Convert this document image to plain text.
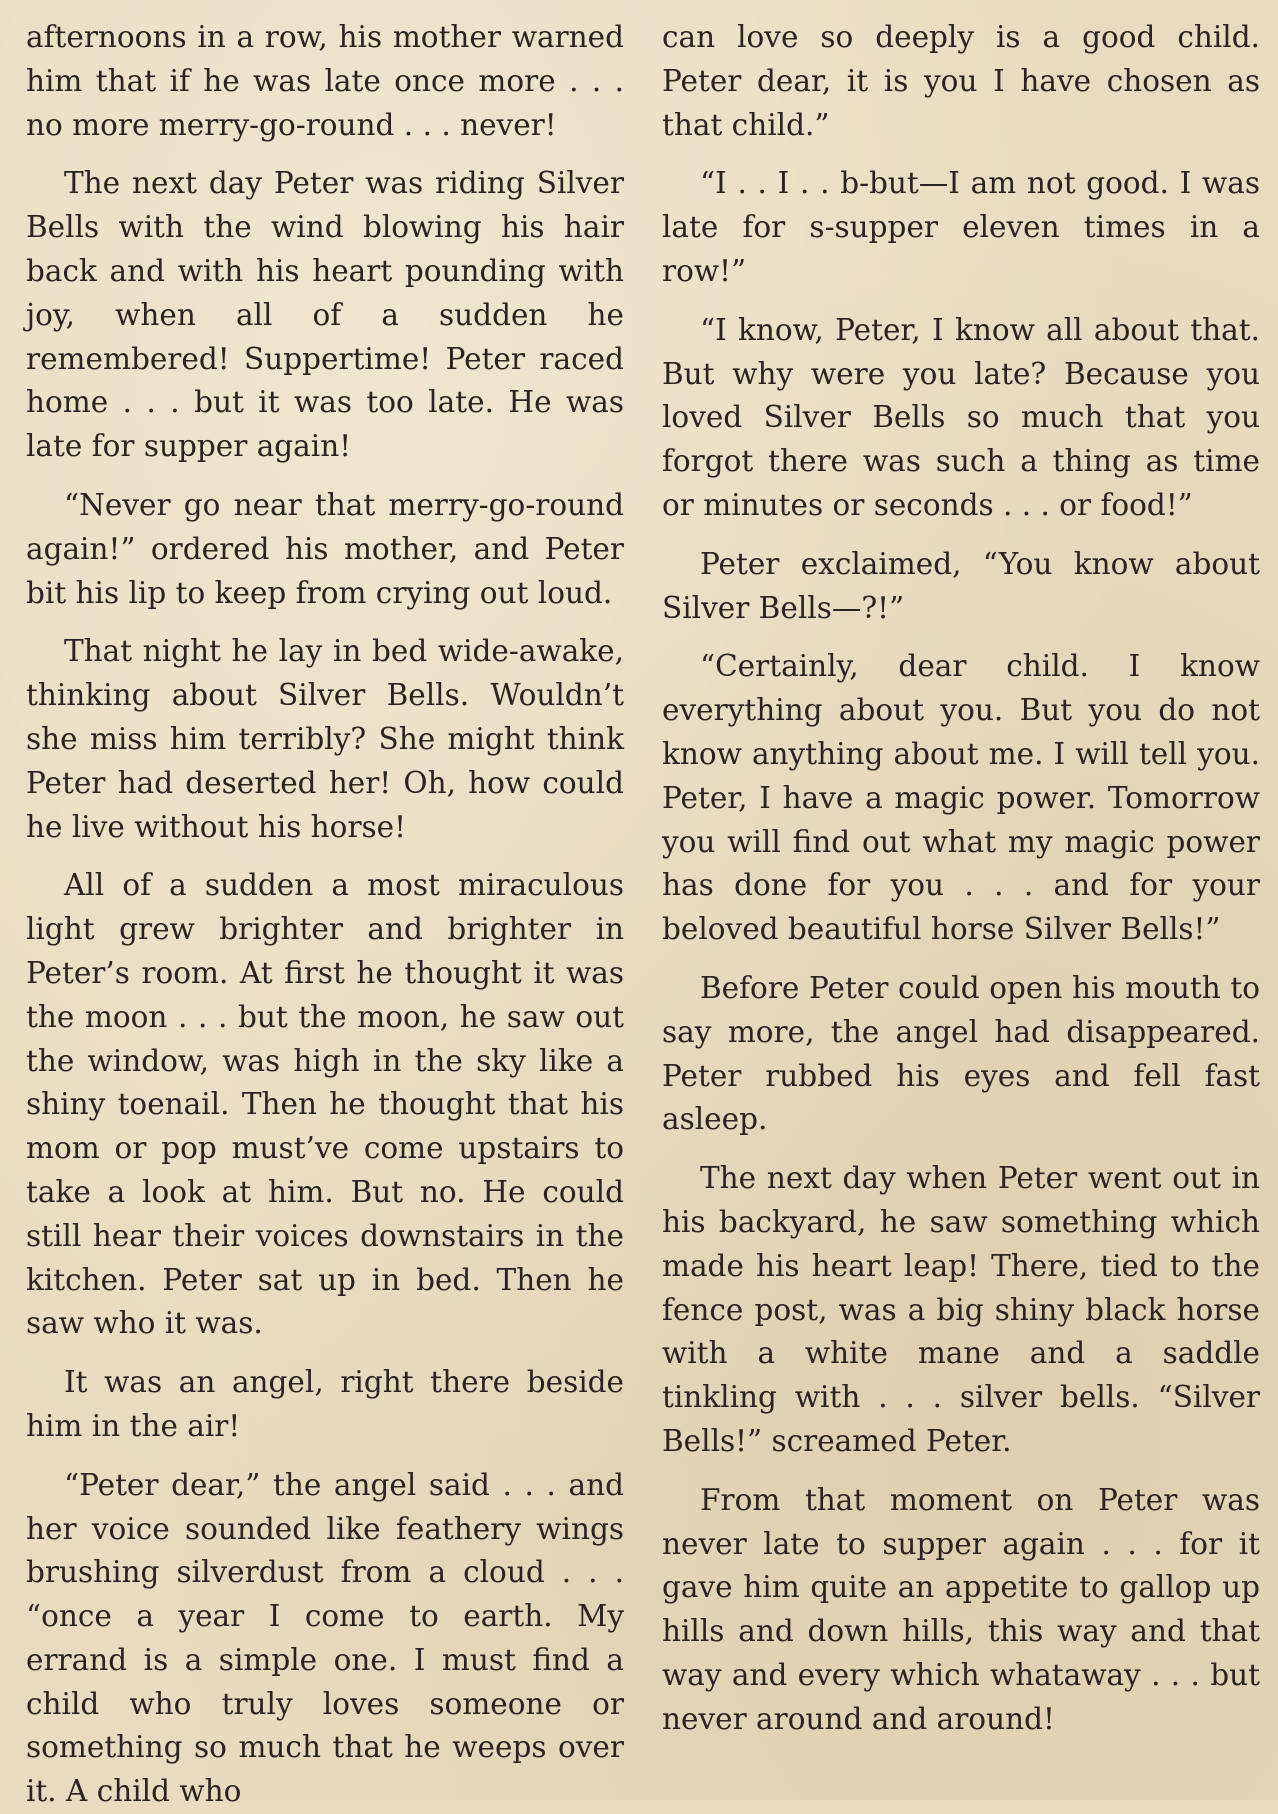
afternoons in a row, his mother warned him that if he was late once more . . . no more merry-go-round . . . never!

The next day Peter was riding Silver Bells with the wind blowing his hair back and with his heart pounding with joy, when all of a sudden he remembered! Suppertime! Peter raced home . . . but it was too late. He was late for supper again!

“Never go near that merry-go-round again!” ordered his mother, and Peter bit his lip to keep from crying out loud.

That night he lay in bed wide-awake, thinking about Silver Bells. Wouldn’t she miss him terribly? She might think Peter had deserted her! Oh, how could he live without his horse!

All of a sudden a most miraculous light grew brighter and brighter in Peter’s room. At first he thought it was the moon . . . but the moon, he saw out the window, was high in the sky like a shiny toenail. Then he thought that his mom or pop must’ve come upstairs to take a look at him. But no. He could still hear their voices downstairs in the kitchen. Peter sat up in bed. Then he saw who it was.

It was an angel, right there beside him in the air!

“Peter dear,” the angel said . . . and her voice sounded like feathery wings brushing silverdust from a cloud . . . “once a year I come to earth. My errand is a simple one. I must find a child who truly loves someone or something so much that he weeps over it. A child who

can love so deeply is a good child. Peter dear, it is you I have chosen as that child.”

“I . . I . . b-but—I am not good. I was late for s-supper eleven times in a row!”

“I know, Peter, I know all about that. But why were you late? Because you loved Silver Bells so much that you forgot there was such a thing as time or minutes or seconds . . . or food!”

Peter exclaimed, “You know about Silver Bells—?!”

“Certainly, dear child. I know everything about you. But you do not know anything about me. I will tell you. Peter, I have a magic power. Tomorrow you will find out what my magic power has done for you . . . and for your beloved beautiful horse Silver Bells!”

Before Peter could open his mouth to say more, the angel had disappeared. Peter rubbed his eyes and fell fast asleep.

The next day when Peter went out in his backyard, he saw something which made his heart leap! There, tied to the fence post, was a big shiny black horse with a white mane and a saddle tinkling with . . . silver bells. “Silver Bells!” screamed Peter.

From that moment on Peter was never late to supper again . . . for it gave him quite an appetite to gallop up hills and down hills, this way and that way and every which whataway . . . but never around and around!
